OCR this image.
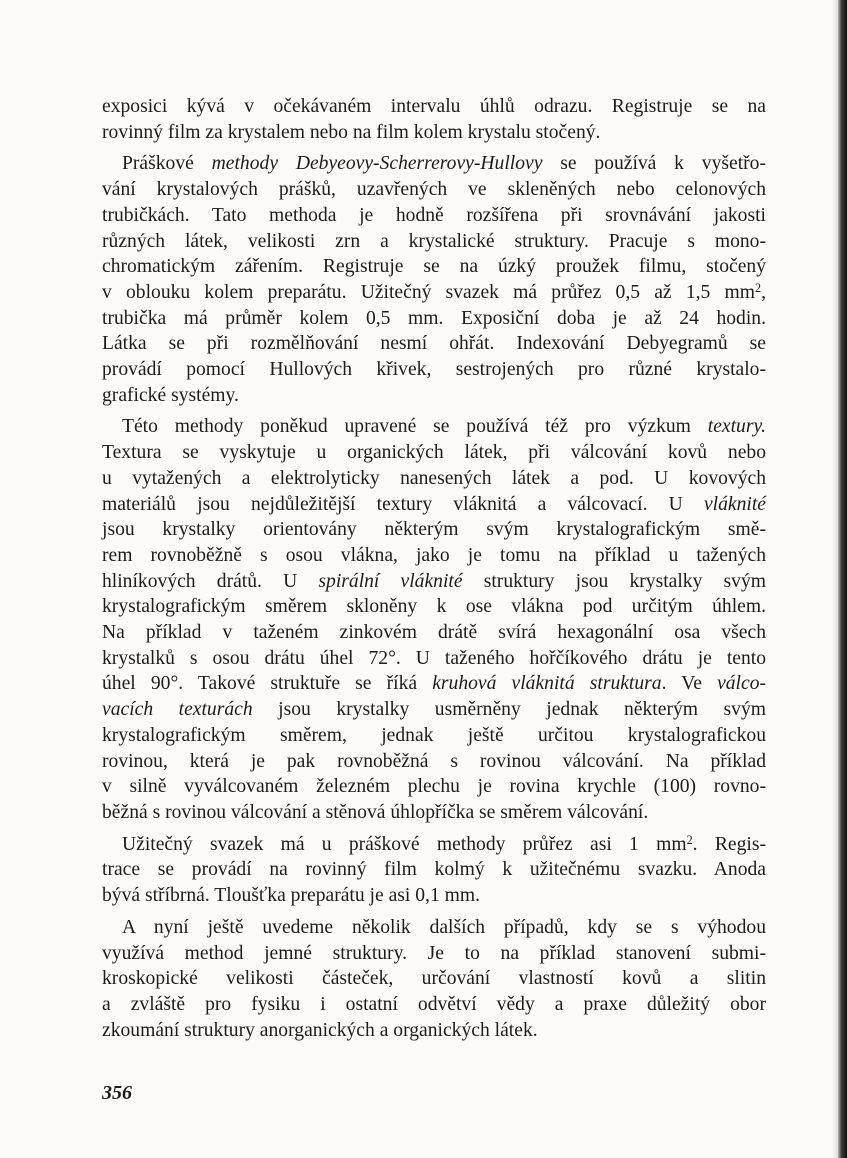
exposici kývá v očekávaném intervalu úhlů odrazu. Registruje se na
rovinný film za krystalem nebo na film kolem krystalu stočený.
Práškové methody Debyeovy-Scherrerovy-Hullovy se používá k vyšetřo-
vání krystalových prášků, uzavřených ve skleněných nebo celonových
trubičkách. Tato methoda je hodně rozšířena při srovnávání jakosti
různých látek, velikosti zrn a krystalické struktury. Pracuje s mono-
chromatickým zářením. Registruje se na úzký proužek filmu, stočený
v oblouku kolem preparátu. Užitečný svazek má průřez 0,5 až 1,5 $mm^2$,
trubička má průměr kolem 0,5 mm. Exposiční doba je až 24 hodin.
Látka se při rozmělňování nesmí ohřát. Indexování Debyegramů se
provádí pomocí Hullových křivek, sestrojených pro různé krystalo-
grafické systémy.
Této methody poněkud upravené se používá též pro výzkum textury.
Textura se vyskytuje u organických látek, při válcování kovů nebo
u vytažených a elektrolyticky nanesených látek a pod. U kovových
materiálů jsou nejdůležitější textury vláknitá a válcovací. U vláknité
jsou krystalky orientovány některým svým krystalografickým smě-
rem rovnoběžně s osou vlákna, jako je tomu na příklad u tažených
hliníkových drátů. U spirální vláknité struktury jsou krystalky svým
krystalografickým směrem skloněny k ose vlákna pod určitým úhlem.
Na příklad v taženém zinkovém drátě svírá hexagonální osa všech
krystalků s osou drátu úhel 72°. U taženého hořčíkového drátu je tento
úhel 90°. Takové struktuře se říká kruhová vláknitá struktura. Ve válco-
vacích texturách jsou krystalky usměrněny jednak některým svým
krystalografickým směrem, jednak ještě určitou krystalografickou
rovinou, která je pak rovnoběžná s rovinou válcování. Na příklad
v silně vyválcovaném železném plechu je rovina krychle (100) rovno-
běžná s rovinou válcování a stěnová úhlopříčka se směrem válcování.
Užitečný svazek má u práškové methody průřez asi 1 $mm^2$. Regis-
trace se provádí na rovinný film kolmý k užitečnému svazku. Anoda
bývá stříbrná. Tloušťka preparátu je asi 0,1 mm.
A nyní ještě uvedeme několik dalších případů, kdy se s výhodou
využívá method jemné struktury. Je to na příklad stanovení submi-
kroskopické velikosti částeček, určování vlastností kovů a slitin
a zvláště pro fysiku i ostatní odvětví vědy a praxe důležitý obor
zkoumání struktury anorganických a organických látek.
356
